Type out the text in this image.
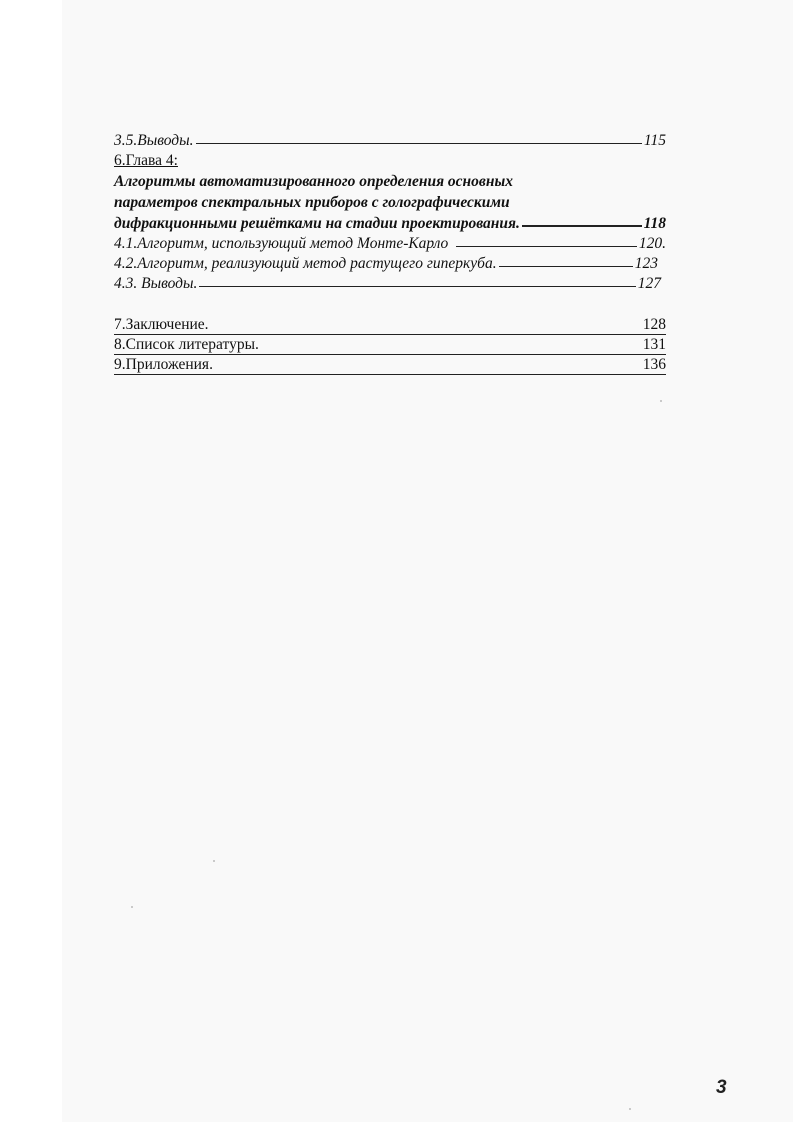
3.5.Выводы.	115
6.Глава 4:
Алгоритмы автоматизированного определения основных
параметров спектральных приборов с голографическими
дифракционными решётками на стадии проектирования.	118
4.1.Алгоритм, использующий метод Монте-Карло	120.
4.2.Алгоритм, реализующий метод растущего гиперкуба.	123
4.3. Выводы.	127
7.Заключение.	128
8.Список литературы.	131
9.Приложения.	136
3
